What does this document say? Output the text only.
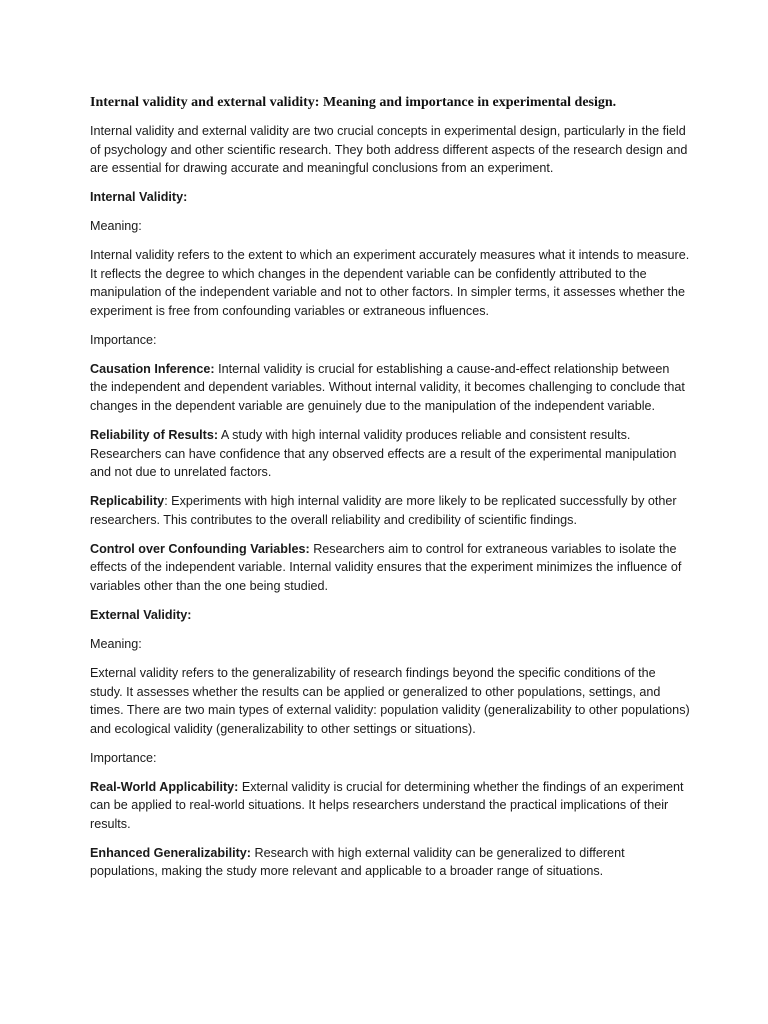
Internal validity and external validity: Meaning and importance in experimental design.

Internal validity and external validity are two crucial concepts in experimental design, particularly in the field of psychology and other scientific research. They both address different aspects of the research design and are essential for drawing accurate and meaningful conclusions from an experiment.

Internal Validity:
Meaning:

Internal validity refers to the extent to which an experiment accurately measures what it intends to measure. It reflects the degree to which changes in the dependent variable can be confidently attributed to the manipulation of the independent variable and not to other factors. In simpler terms, it assesses whether the experiment is free from confounding variables or extraneous influences.

Importance:

Causation Inference: Internal validity is crucial for establishing a cause-and-effect relationship between the independent and dependent variables. Without internal validity, it becomes challenging to conclude that changes in the dependent variable are genuinely due to the manipulation of the independent variable.

Reliability of Results: A study with high internal validity produces reliable and consistent results. Researchers can have confidence that any observed effects are a result of the experimental manipulation and not due to unrelated factors.

Replicability: Experiments with high internal validity are more likely to be replicated successfully by other researchers. This contributes to the overall reliability and credibility of scientific findings.

Control over Confounding Variables: Researchers aim to control for extraneous variables to isolate the effects of the independent variable. Internal validity ensures that the experiment minimizes the influence of variables other than the one being studied.

External Validity:
Meaning:

External validity refers to the generalizability of research findings beyond the specific conditions of the study. It assesses whether the results can be applied or generalized to other populations, settings, and times. There are two main types of external validity: population validity (generalizability to other populations) and ecological validity (generalizability to other settings or situations).

Importance:

Real-World Applicability: External validity is crucial for determining whether the findings of an experiment can be applied to real-world situations. It helps researchers understand the practical implications of their results.

Enhanced Generalizability: Research with high external validity can be generalized to different populations, making the study more relevant and applicable to a broader range of situations.
